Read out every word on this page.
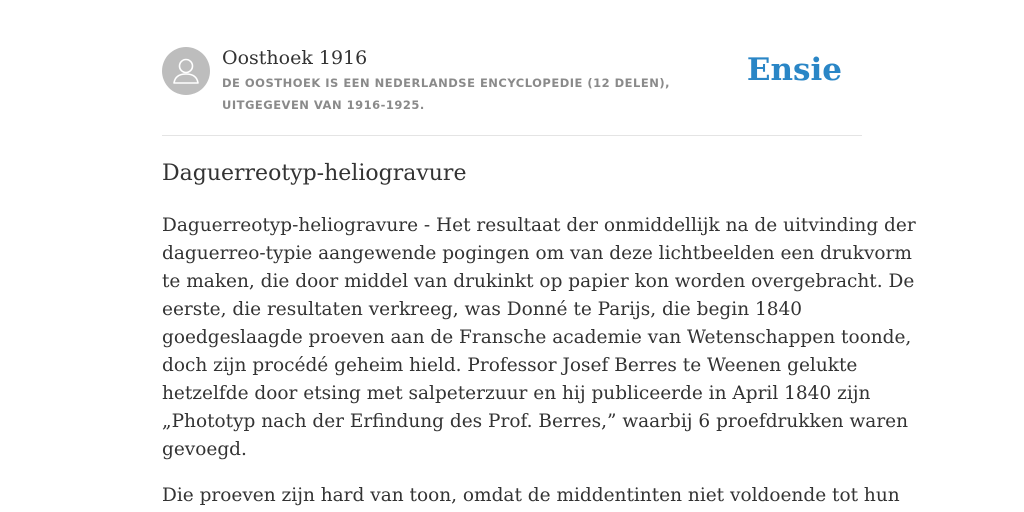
Oosthoek 1916
DE OOSTHOEK IS EEN NEDERLANDSE ENCYCLOPEDIE (12 DELEN), UITGEGEVEN VAN 1916-1925.
Ensie
Daguerreotyp-heliogravure

Daguerreotyp-heliogravure - Het resultaat der onmiddellijk na de uitvinding der
daguerreo-typie aangewende pogingen om van deze lichtbeelden een drukvorm
te maken, die door middel van drukinkt op papier kon worden overgebracht. De
eerste, die resultaten verkreeg, was Donné te Parijs, die begin 1840
goedgeslaagde proeven aan de Fransche academie van Wetenschappen toonde,
doch zijn procédé geheim hield. Professor Josef Berres te Weenen gelukte
hetzelfde door etsing met salpeterzuur en hij publiceerde in April 1840 zijn
„Phototyp nach der Erfindung des Prof. Berres,” waarbij 6 proefdrukken waren
gevoegd.

Die proeven zijn hard van toon, omdat de middentinten niet voldoende tot hun
